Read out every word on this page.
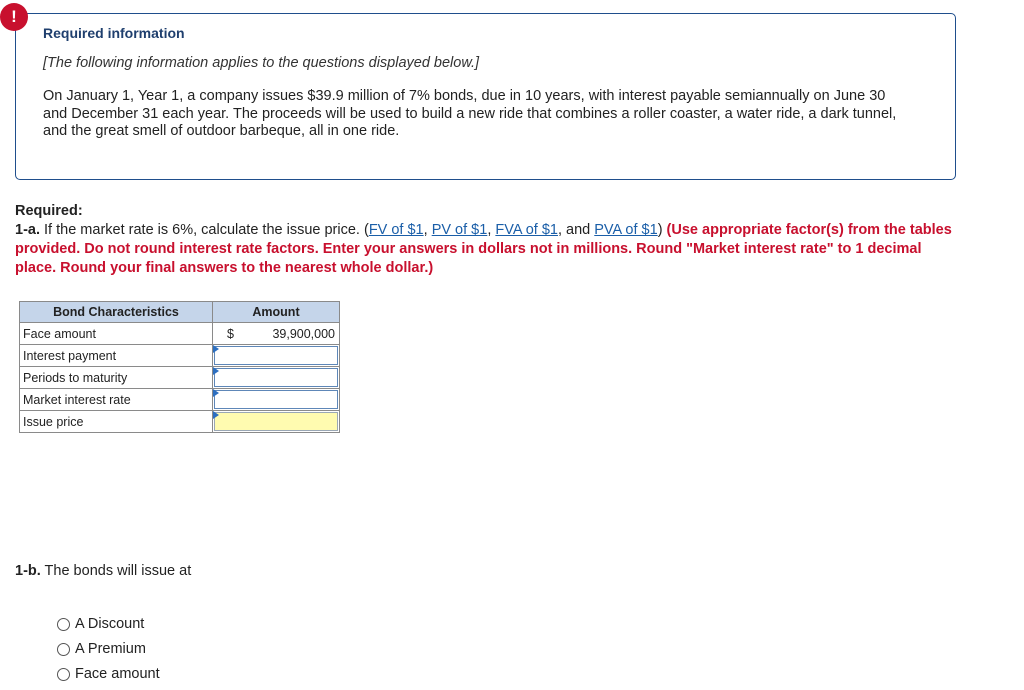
!
Required information
[The following information applies to the questions displayed below.]
On January 1, Year 1, a company issues $39.9 million of 7% bonds, due in 10 years, with interest payable semiannually on June 30 and December 31 each year. The proceeds will be used to build a new ride that combines a roller coaster, a water ride, a dark tunnel, and the great smell of outdoor barbeque, all in one ride.
Required:
1-a. If the market rate is 6%, calculate the issue price. (FV of $1, PV of $1, FVA of $1, and PVA of $1) (Use appropriate factor(s) from the tables provided. Do not round interest rate factors. Enter your answers in dollars not in millions. Round "Market interest rate" to 1 decimal place. Round your final answers to the nearest whole dollar.)
Bond Characteristics	Amount
Face amount	$ 39,900,000

Interest payment	

Periods to maturity	

Market interest rate	

Issue price	
1-b. The bonds will issue at
A Discount
A Premium
Face amount
